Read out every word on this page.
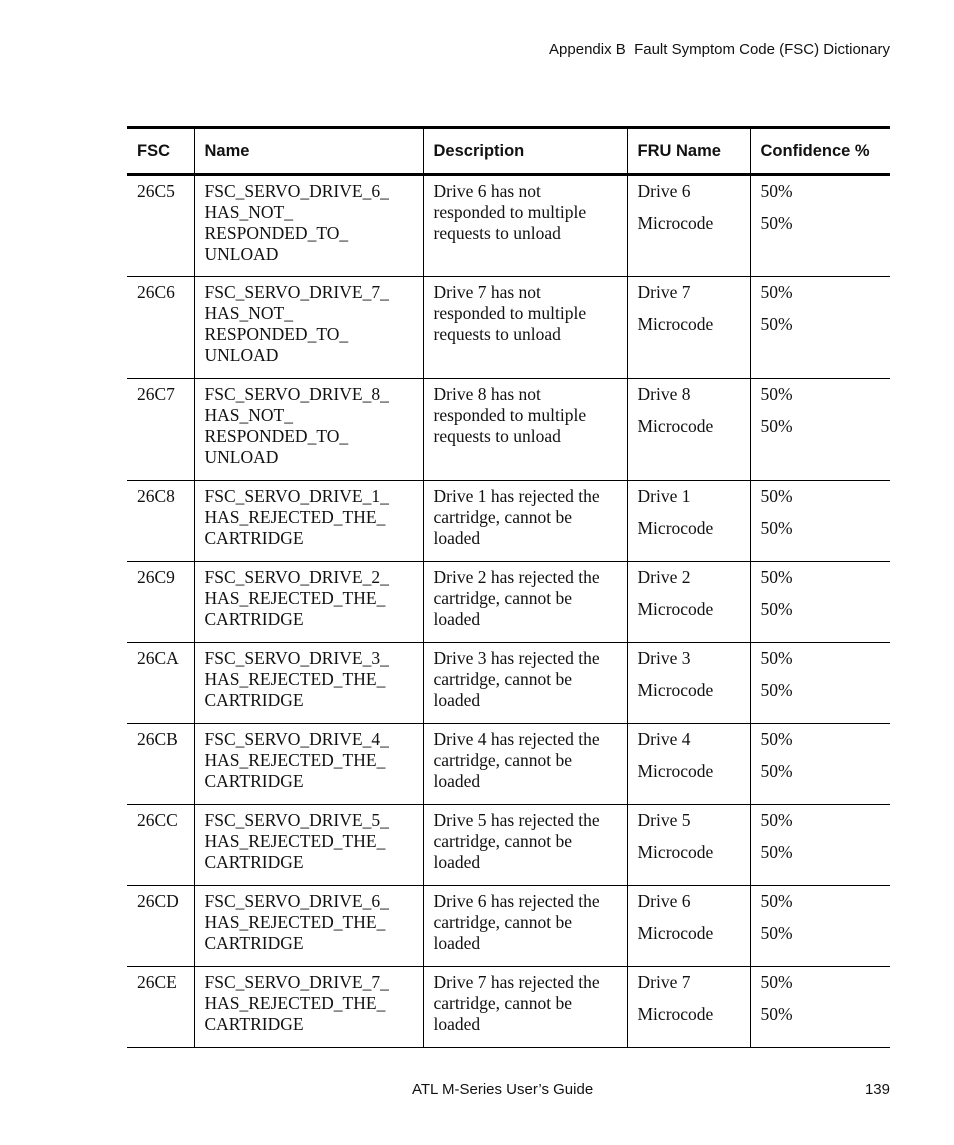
Appendix B  Fault Symptom Code (FSC) Dictionary
FSC	Name	Description	FRU Name	Confidence %
26C5	FSC_SERVO_DRIVE_6_
HAS_NOT_
RESPONDED_TO_
UNLOAD	Drive 6 has not
responded to multiple
requests to unload	Drive 6
Microcode	50%
50%

26C6	FSC_SERVO_DRIVE_7_
HAS_NOT_
RESPONDED_TO_
UNLOAD	Drive 7 has not
responded to multiple
requests to unload	Drive 7
Microcode	50%
50%

26C7	FSC_SERVO_DRIVE_8_
HAS_NOT_
RESPONDED_TO_
UNLOAD	Drive 8 has not
responded to multiple
requests to unload	Drive 8
Microcode	50%
50%

26C8	FSC_SERVO_DRIVE_1_
HAS_REJECTED_THE_
CARTRIDGE	Drive 1 has rejected the
cartridge, cannot be
loaded	Drive 1
Microcode	50%
50%

26C9	FSC_SERVO_DRIVE_2_
HAS_REJECTED_THE_
CARTRIDGE	Drive 2 has rejected the
cartridge, cannot be
loaded	Drive 2
Microcode	50%
50%

26CA	FSC_SERVO_DRIVE_3_
HAS_REJECTED_THE_
CARTRIDGE	Drive 3 has rejected the
cartridge, cannot be
loaded	Drive 3
Microcode	50%
50%

26CB	FSC_SERVO_DRIVE_4_
HAS_REJECTED_THE_
CARTRIDGE	Drive 4 has rejected the
cartridge, cannot be
loaded	Drive 4
Microcode	50%
50%

26CC	FSC_SERVO_DRIVE_5_
HAS_REJECTED_THE_
CARTRIDGE	Drive 5 has rejected the
cartridge, cannot be
loaded	Drive 5
Microcode	50%
50%

26CD	FSC_SERVO_DRIVE_6_
HAS_REJECTED_THE_
CARTRIDGE	Drive 6 has rejected the
cartridge, cannot be
loaded	Drive 6
Microcode	50%
50%

26CE	FSC_SERVO_DRIVE_7_
HAS_REJECTED_THE_
CARTRIDGE	Drive 7 has rejected the
cartridge, cannot be
loaded	Drive 7
Microcode	50%
50%
ATL M-Series User’s Guide	139
